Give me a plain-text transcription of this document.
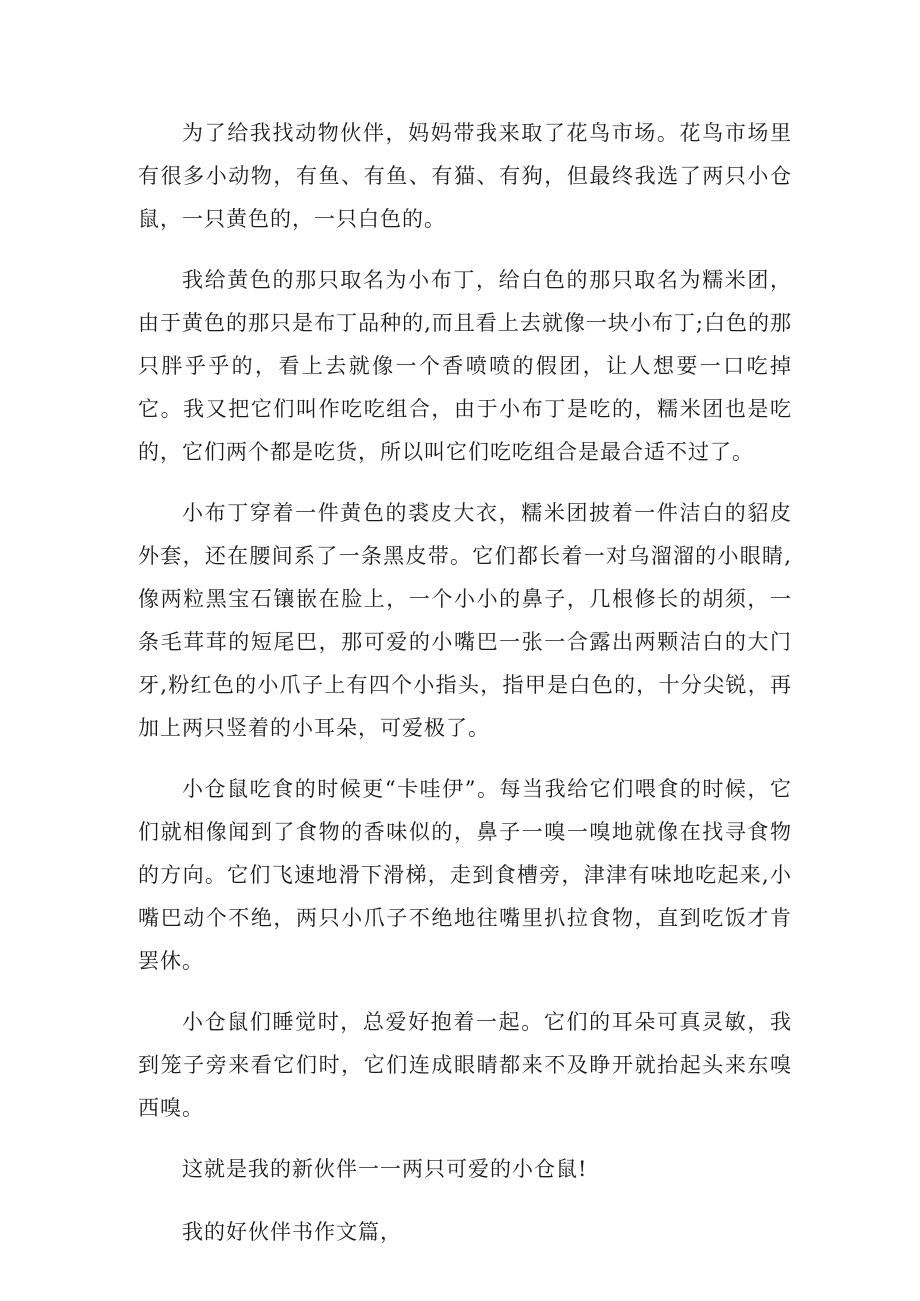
为了给我找动物伙伴，妈妈带我来取了花鸟市场。花鸟市场里有很多小动物，有鱼、有鱼、有猫、有狗，但最终我选了两只小仓鼠，一只黄色的，一只白色的。

我给黄色的那只取名为小布丁，给白色的那只取名为糯米团，由于黄色的那只是布丁品种的,而且看上去就像一块小布丁;白色的那只胖乎乎的，看上去就像一个香喷喷的假团，让人想要一口吃掉它。我又把它们叫作吃吃组合，由于小布丁是吃的，糯米团也是吃的，它们两个都是吃货，所以叫它们吃吃组合是最合适不过了。

小布丁穿着一件黄色的裘皮大衣，糯米团披着一件洁白的貂皮外套，还在腰间系了一条黑皮带。它们都长着一对乌溜溜的小眼睛,像两粒黑宝石镶嵌在脸上，一个小小的鼻子，几根修长的胡须，一条毛茸茸的短尾巴，那可爱的小嘴巴一张一合露出两颗洁白的大门牙,粉红色的小爪子上有四个小指头，指甲是白色的，十分尖锐，再加上两只竖着的小耳朵，可爱极了。

小仓鼠吃食的时候更“卡哇伊”。每当我给它们喂食的时候，它们就相像闻到了食物的香味似的，鼻子一嗅一嗅地就像在找寻食物的方向。它们飞速地滑下滑梯，走到食槽旁，津津有味地吃起来,小嘴巴动个不绝，两只小爪子不绝地往嘴里扒拉食物，直到吃饭才肯罢休。

小仓鼠们睡觉时，总爱好抱着一起。它们的耳朵可真灵敏，我到笼子旁来看它们时，它们连成眼睛都来不及睁开就抬起头来东嗅西嗅。

这就是我的新伙伴一一两只可爱的小仓鼠!

我的好伙伴书作文篇，
